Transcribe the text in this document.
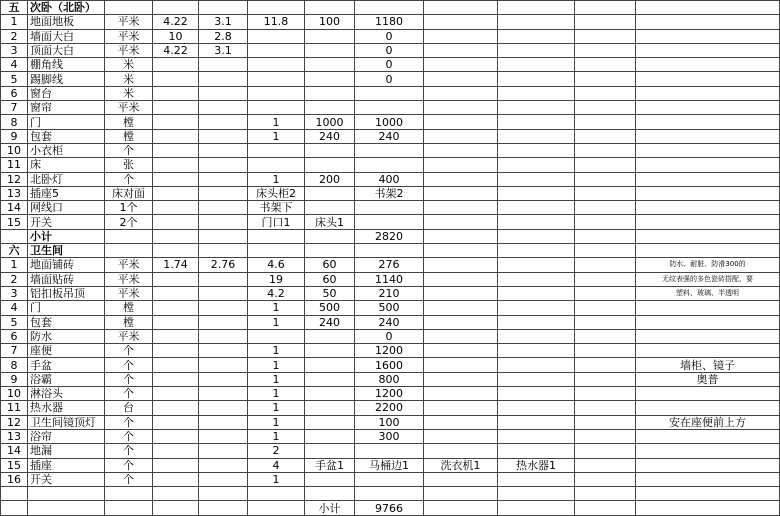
五	次卧（北卧）										
1	地面地板	平米	4.22	3.1	11.8	100	1180				
2	墙面大白	平米	10	2.8			0				
3	顶面大白	平米	4.22	3.1			0				
4	棚角线	米					0				
5	踢脚线	米					0				
6	窗台	米									
7	窗帘	平米									
8	门	樘			1	1000	1000				
9	包套	樘			1	240	240				
10	小衣柜	个									
11	床	张									
12	北卧灯	个			1	200	400				
13	插座5	床对面			床头柜2		书架2				
14	网线口	1个			书架下						
15	开关	2个			门口1	床头1					
	小计						2820				
六	卫生间										
1	地面铺砖	平米	1.74	2.76	4.6	60	276				防水、耐脏、防滑300的
2	墙面贴砖	平米			19	60	1140				无纹表强的多色瓷砖搭配，要
3	铝扣板吊顶	平米			4.2	50	210				塑料、玻璃、半透明
4	门	樘			1	500	500				
5	包套	樘			1	240	240				
6	防水	平米					0				
7	座便	个			1		1200				
8	手盆	个			1		1600				墙柜、镜子
9	浴霸	个			1		800				奥普
10	淋浴头	个			1		1200				
11	热水器	台			1		2200				
12	卫生间镜顶灯	个			1		100				安在座便前上方
13	浴帘	个			1		300				
14	地漏	个			2						
15	插座	个			4	手盆1	马桶边1	洗衣机1	热水器1		
16	开关	个			1						

						小计	9766				
